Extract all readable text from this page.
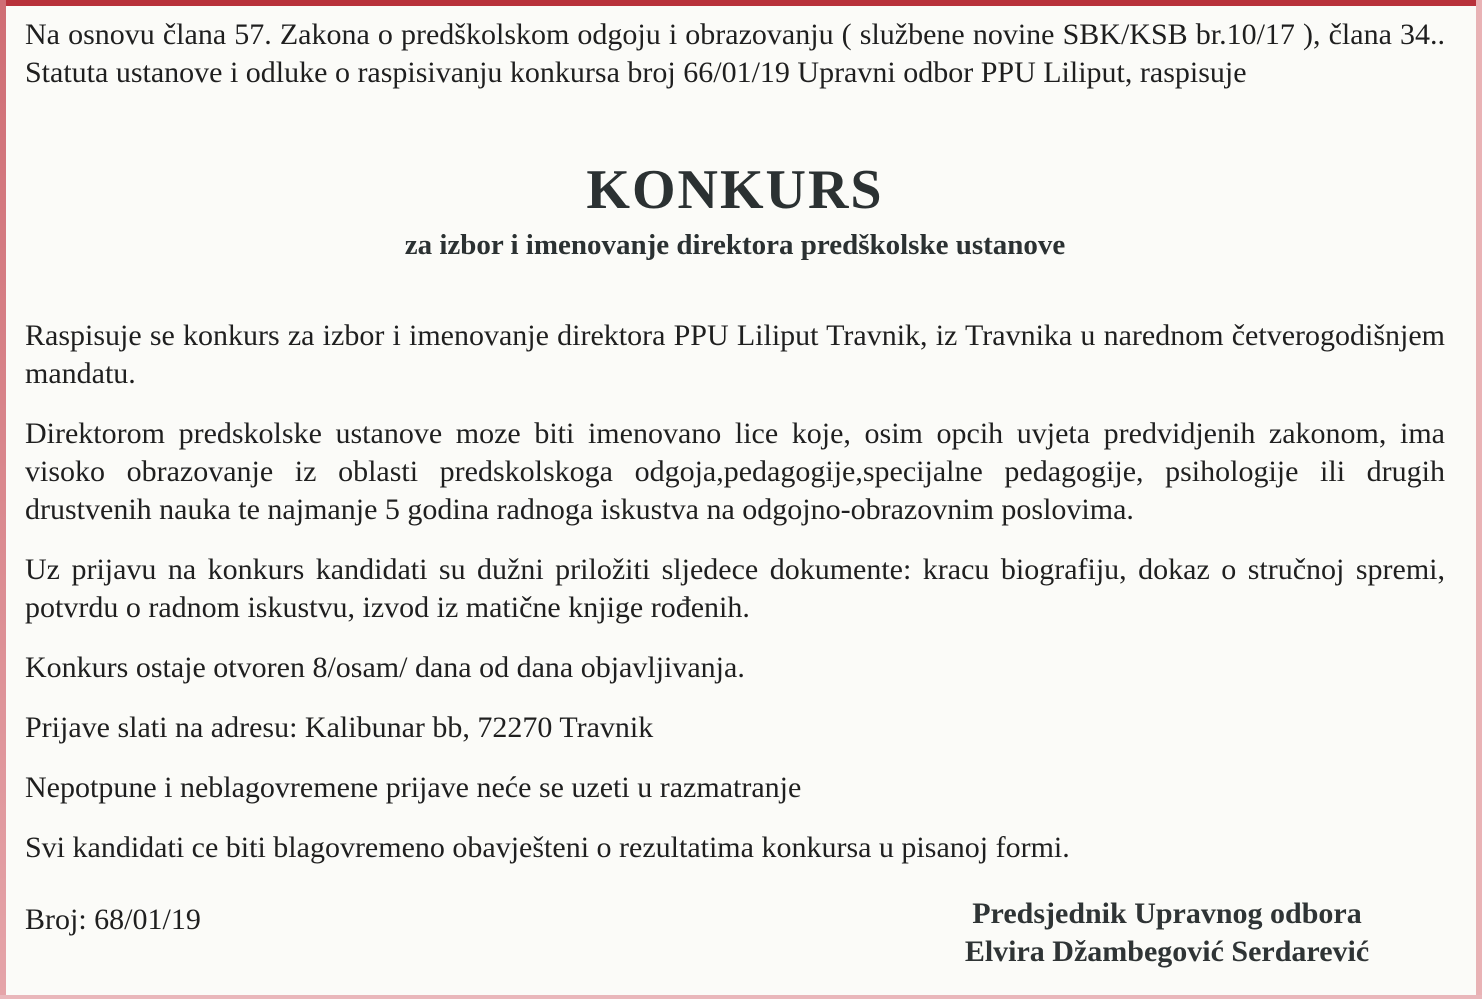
Na osnovu člana 57. Zakona o predškolskom odgoju i obrazovanju ( službene novine SBK/KSB br.10/17 ), člana 34.. Statuta ustanove i odluke o raspisivanju konkursa broj 66/01/19 Upravni odbor PPU Liliput, raspisuje

KONKURS
za izbor i imenovanje direktora predškolske ustanove

Raspisuje se konkurs za izbor i imenovanje direktora PPU Liliput Travnik, iz Travnika u narednom četverogodišnjem mandatu.

Direktorom predskolske ustanove moze biti imenovano lice koje, osim opcih uvjeta predvidjenih zakonom, ima visoko obrazovanje iz oblasti predskolskoga odgoja,pedagogije,specijalne pedagogije, psihologije ili drugih drustvenih nauka te najmanje 5 godina radnoga iskustva na odgojno-obrazovnim poslovima.

Uz prijavu na konkurs kandidati su dužni priložiti sljedece dokumente: kracu biografiju, dokaz o stručnoj spremi, potvrdu o radnom iskustvu, izvod iz matične knjige rođenih.

Konkurs ostaje otvoren 8/osam/ dana od dana objavljivanja.

Prijave slati na adresu: Kalibunar bb, 72270 Travnik

Nepotpune i neblagovremene prijave neće se uzeti u razmatranje

Svi kandidati ce biti blagovremeno obavješteni o rezultatima konkursa u pisanoj formi.

Broj: 68/01/19	Predsjednik Upravnog odbora
Elvira Džambegović Serdarević
